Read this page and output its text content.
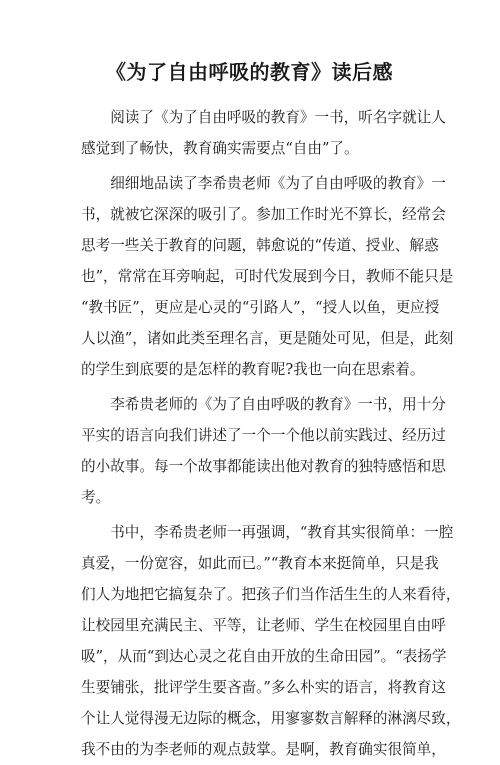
《为了自由呼吸的教育》读后感

阅读了《为了自由呼吸的教育》一书，听名字就让人
感觉到了畅快，教育确实需要点“自由”了。

细细地品读了李希贵老师《为了自由呼吸的教育》一
书，就被它深深的吸引了。参加工作时光不算长，经常会
思考一些关于教育的问题，韩愈说的“传道、授业、解惑
也”，常常在耳旁响起，可时代发展到今日，教师不能只是
“教书匠”，更应是心灵的“引路人”，“授人以鱼，更应授
人以渔”，诸如此类至理名言，更是随处可见，但是，此刻
的学生到底要的是怎样的教育呢?我也一向在思索着。

李希贵老师的《为了自由呼吸的教育》一书，用十分
平实的语言向我们讲述了一个一个他以前实践过、经历过
的小故事。每一个故事都能读出他对教育的独特感悟和思
考。

书中，李希贵老师一再强调，“教育其实很简单：一腔
真爱，一份宽容，如此而已。”“教育本来挺简单，只是我
们人为地把它搞复杂了。把孩子们当作活生生的人来看待，
让校园里充满民主、平等，让老师、学生在校园里自由呼
吸”，从而“到达心灵之花自由开放的生命田园”。“表扬学
生要铺张，批评学生要吝啬。”多么朴实的语言，将教育这
个让人觉得漫无边际的概念，用寥寥数言解释的淋漓尽致，
我不由的为李老师的观点鼓掌。是啊，教育确实很简单，
